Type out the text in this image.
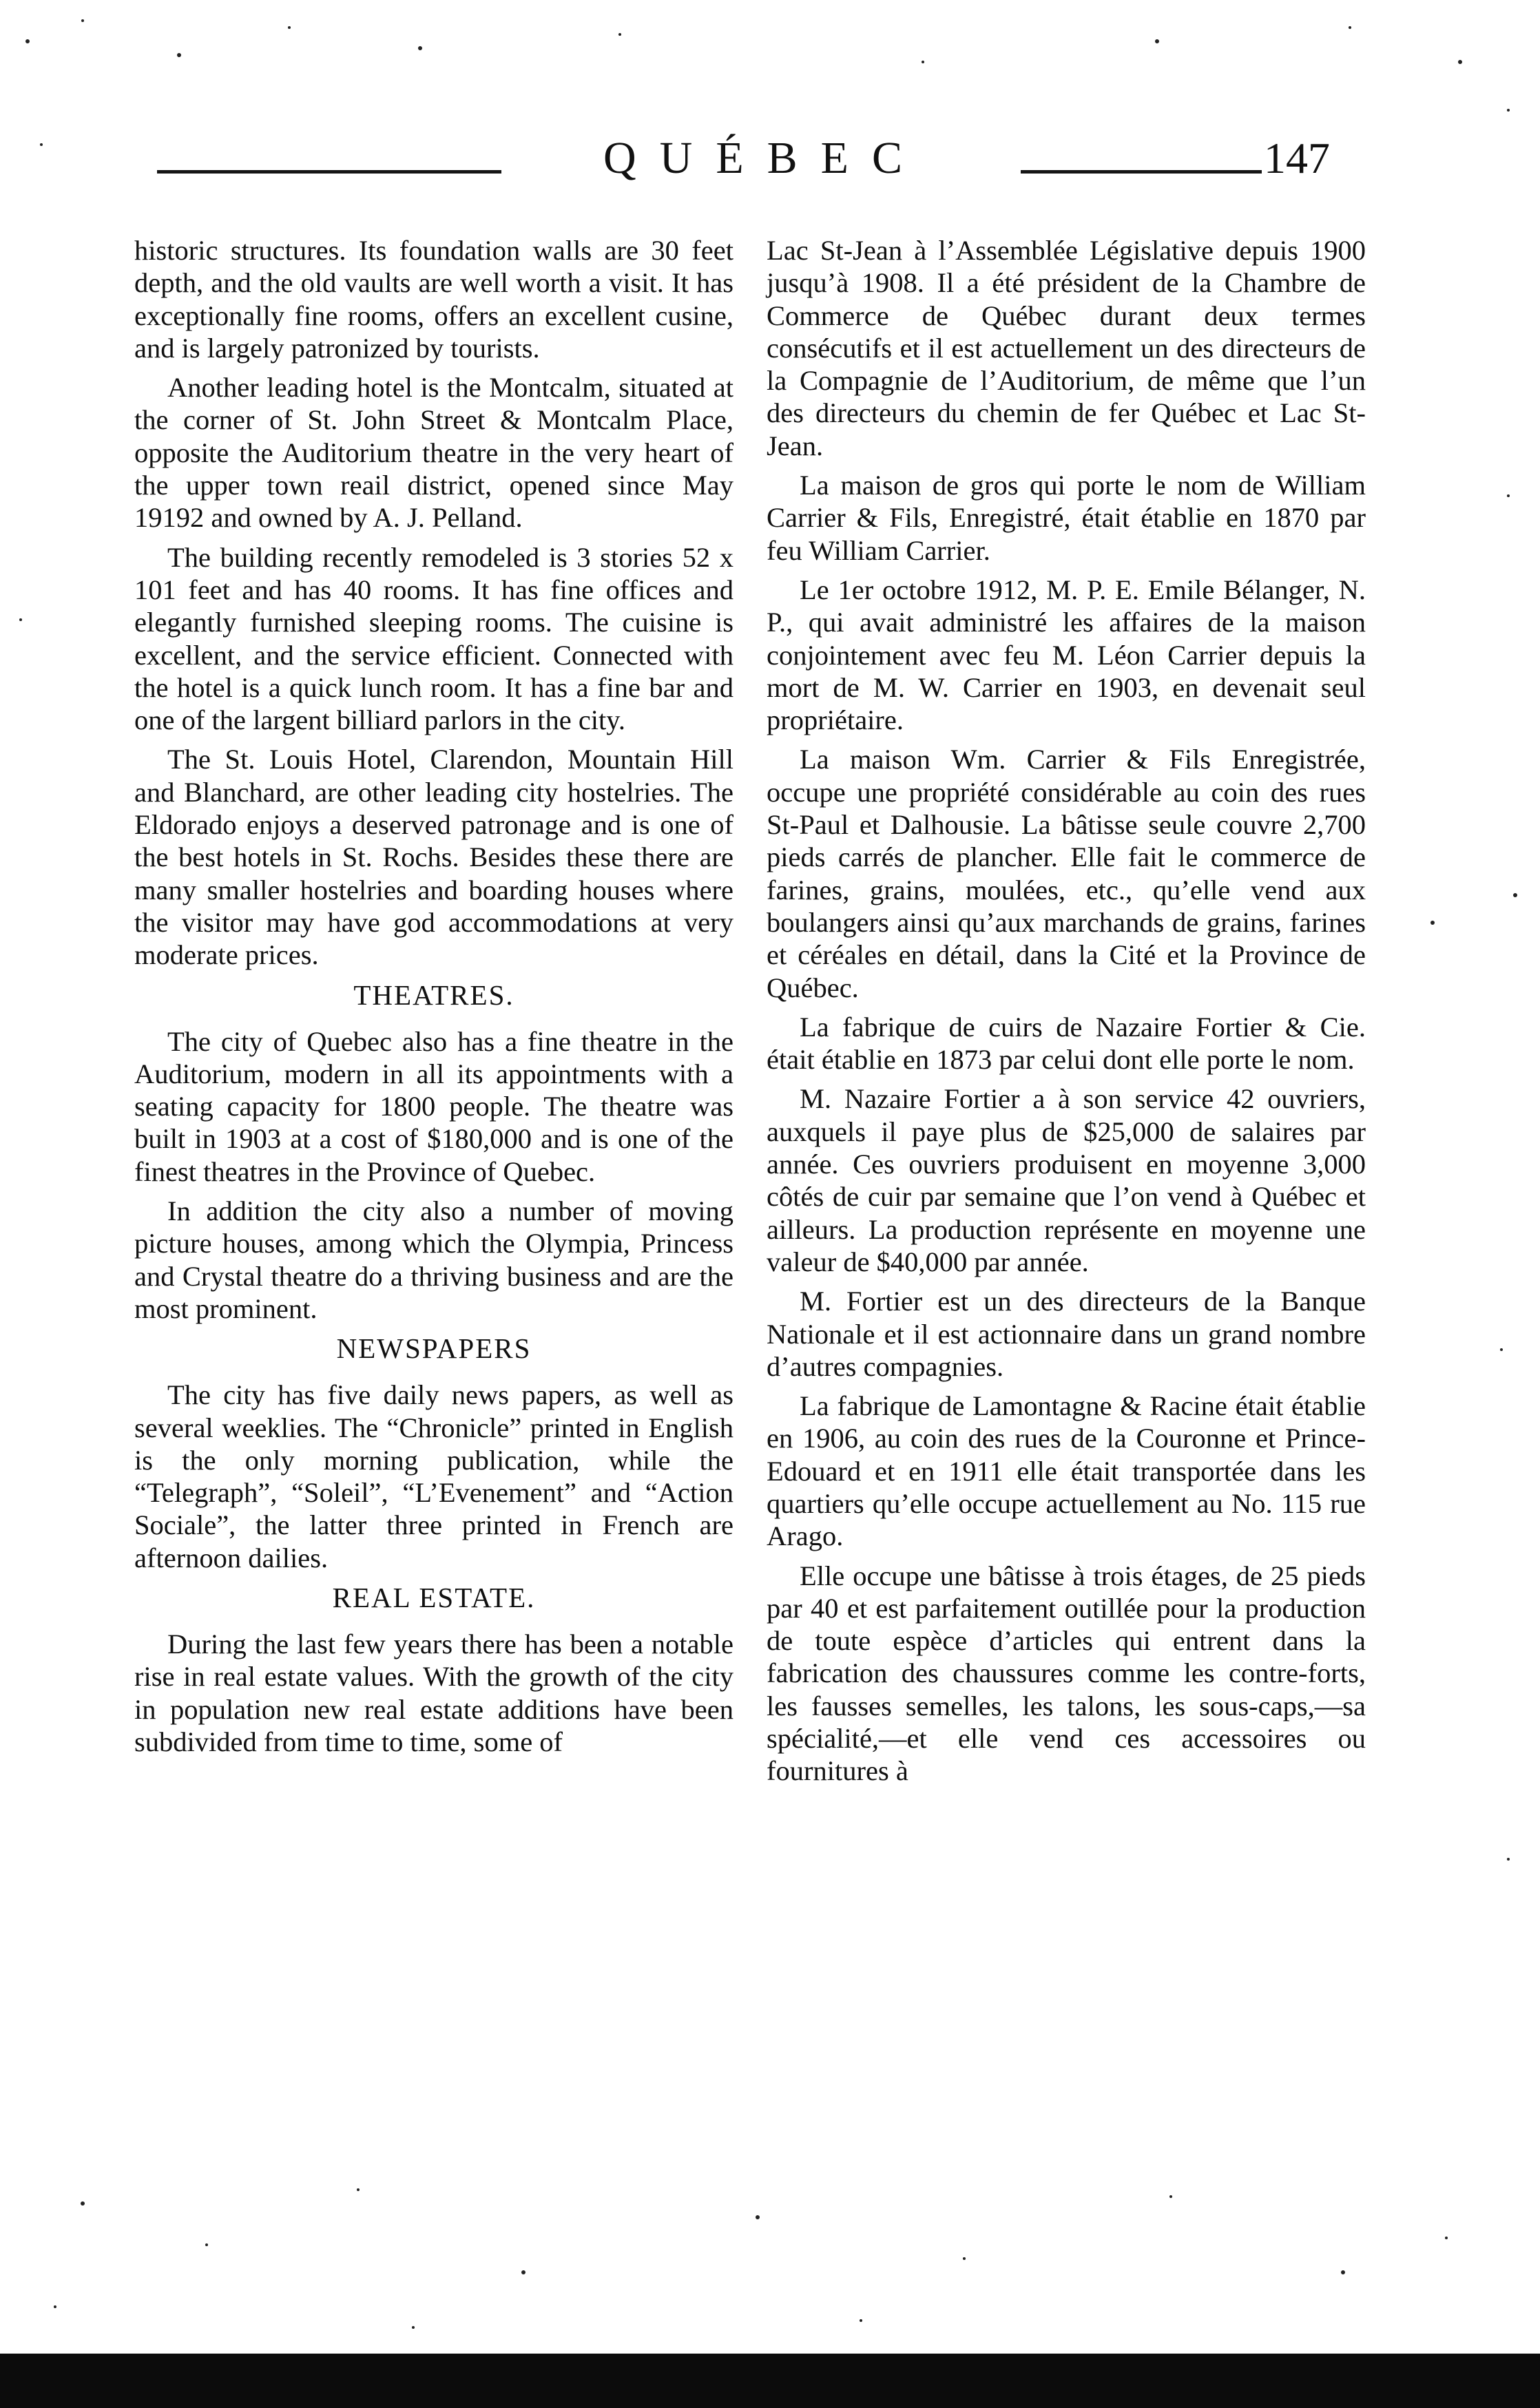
QUÉBEC	147

historic structures. Its foundation walls are 30 feet depth, and the old vaults are well worth a visit. It has exceptionally fine rooms, offers an excellent cusine, and is largely patronized by tourists.

Another leading hotel is the Montcalm, situated at the corner of St. John Street & Montcalm Place, opposite the Auditorium theatre in the very heart of the upper town reail district, opened since May 19192 and owned by A. J. Pelland.

The building recently remodeled is 3 stories 52 x 101 feet and has 40 rooms. It has fine offices and elegantly furnished sleeping rooms. The cuisine is excellent, and the service efficient. Connected with the hotel is a quick lunch room. It has a fine bar and one of the largent billiard parlors in the city.

The St. Louis Hotel, Clarendon, Mountain Hill and Blanchard, are other leading city hostelries. The Eldorado enjoys a deserved patronage and is one of the best hotels in St. Rochs. Besides these there are many smaller hostelries and boarding houses where the visitor may have god accommodations at very moderate prices.

THEATRES.

The city of Quebec also has a fine theatre in the Auditorium, modern in all its appointments with a seating capacity for 1800 people. The theatre was built in 1903 at a cost of $180,000 and is one of the finest theatres in the Province of Quebec.

In addition the city also a number of moving picture houses, among which the Olympia, Princess and Crystal theatre do a thriving business and are the most prominent.

NEWSPAPERS

The city has five daily news papers, as well as several weeklies. The “Chronicle” printed in English is the only morning publication, while the “Telegraph”, “Soleil”, “L’Evenement” and “Action Sociale”, the latter three printed in French are afternoon dailies.

REAL ESTATE.

During the last few years there has been a notable rise in real estate values. With the growth of the city in population new real estate additions have been subdivided from time to time, some of

Lac St-Jean à l’Assemblée Législative depuis 1900 jusqu’à 1908. Il a été président de la Chambre de Commerce de Québec durant deux termes consécutifs et il est actuellement un des directeurs de la Compagnie de l’Auditorium, de même que l’un des directeurs du chemin de fer Québec et Lac St-Jean.

La maison de gros qui porte le nom de William Carrier & Fils, Enregistré, était établie en 1870 par feu William Carrier.

Le 1er octobre 1912, M. P. E. Emile Bélanger, N. P., qui avait administré les affaires de la maison conjointement avec feu M. Léon Carrier depuis la mort de M. W. Carrier en 1903, en devenait seul propriétaire.

La maison Wm. Carrier & Fils Enregistrée, occupe une propriété considérable au coin des rues St-Paul et Dalhousie. La bâtisse seule couvre 2,700 pieds carrés de plancher. Elle fait le commerce de farines, grains, moulées, etc., qu’elle vend aux boulangers ainsi qu’aux marchands de grains, farines et céréales en détail, dans la Cité et la Province de Québec.

La fabrique de cuirs de Nazaire Fortier & Cie. était établie en 1873 par celui dont elle porte le nom.

M. Nazaire Fortier a à son service 42 ouvriers, auxquels il paye plus de $25,000 de salaires par année. Ces ouvriers produisent en moyenne 3,000 côtés de cuir par semaine que l’on vend à Québec et ailleurs. La production représente en moyenne une valeur de $40,000 par année.

M. Fortier est un des directeurs de la Banque Nationale et il est actionnaire dans un grand nombre d’autres compagnies.

La fabrique de Lamontagne & Racine était établie en 1906, au coin des rues de la Couronne et Prince-Edouard et en 1911 elle était transportée dans les quartiers qu’elle occupe actuellement au No. 115 rue Arago.

Elle occupe une bâtisse à trois étages, de 25 pieds par 40 et est parfaitement outillée pour la production de toute espèce d’articles qui entrent dans la fabrication des chaussures comme les contre-forts, les fausses semelles, les talons, les sous-caps,—sa spécialité,—et elle vend ces accessoires ou fournitures à
